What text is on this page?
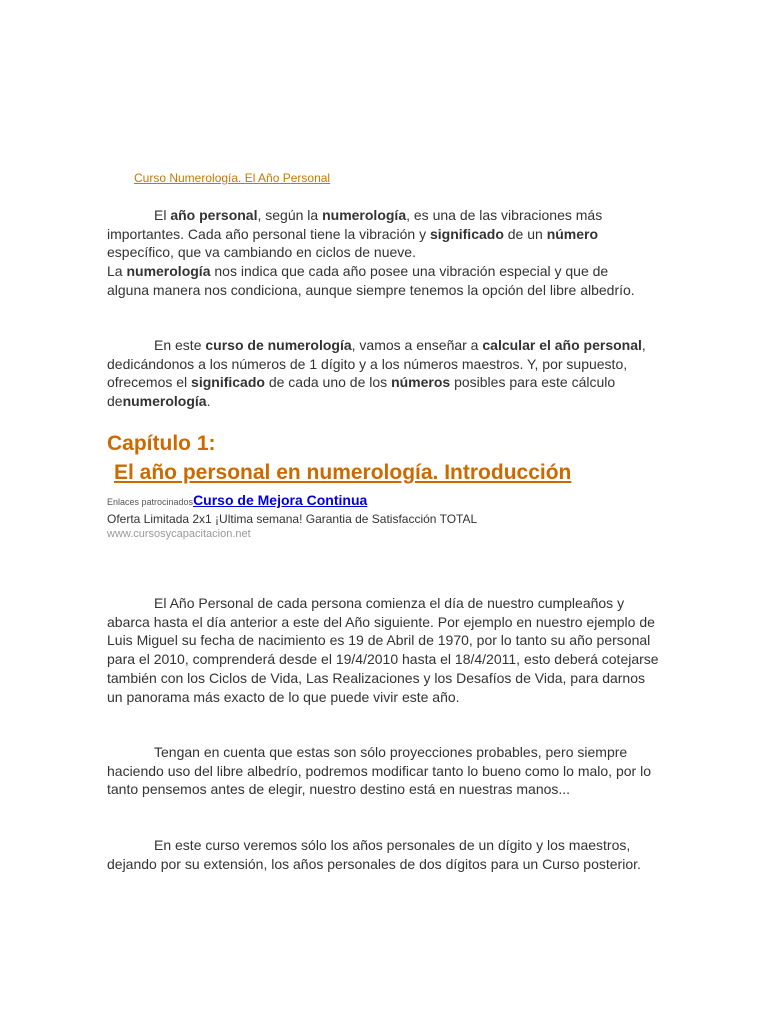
Curso Numerología. El Año Personal

El año personal, según la numerología, es una de las vibraciones más importantes. Cada año personal tiene la vibración y significado de un número específico, que va cambiando en ciclos de nueve.
La numerología nos indica que cada año posee una vibración especial y que de alguna manera nos condiciona, aunque siempre tenemos la opción del libre albedrío.

En este curso de numerología, vamos a enseñar a calcular el año personal, dedicándonos a los números de 1 dígito y a los números maestros. Y, por supuesto, ofrecemos el significado de cada uno de los números posibles para este cálculo denumerología.

Capítulo 1:
El año personal en numerología. Introducción
Enlaces patrocinadosCurso de Mejora Continua
Oferta Limitada 2x1 ¡Ultima semana! Garantia de Satisfacción TOTAL
www.cursosycapacitacion.net

El Año Personal de cada persona comienza el día de nuestro cumpleaños y abarca hasta el día anterior a este del Año siguiente. Por ejemplo en nuestro ejemplo de Luis Miguel su fecha de nacimiento es 19 de Abril de 1970, por lo tanto su año personal para el 2010, comprenderá desde el 19/4/2010 hasta el 18/4/2011, esto deberá cotejarse también con los Ciclos de Vida, Las Realizaciones y los Desafíos de Vida, para darnos un panorama más exacto de lo que puede vivir este año.

Tengan en cuenta que estas son sólo proyecciones probables, pero siempre haciendo uso del libre albedrío, podremos modificar tanto lo bueno como lo malo, por lo tanto pensemos antes de elegir, nuestro destino está en nuestras manos...

En este curso veremos sólo los años personales de un dígito y los maestros, dejando por su extensión, los años personales de dos dígitos para un Curso posterior.
